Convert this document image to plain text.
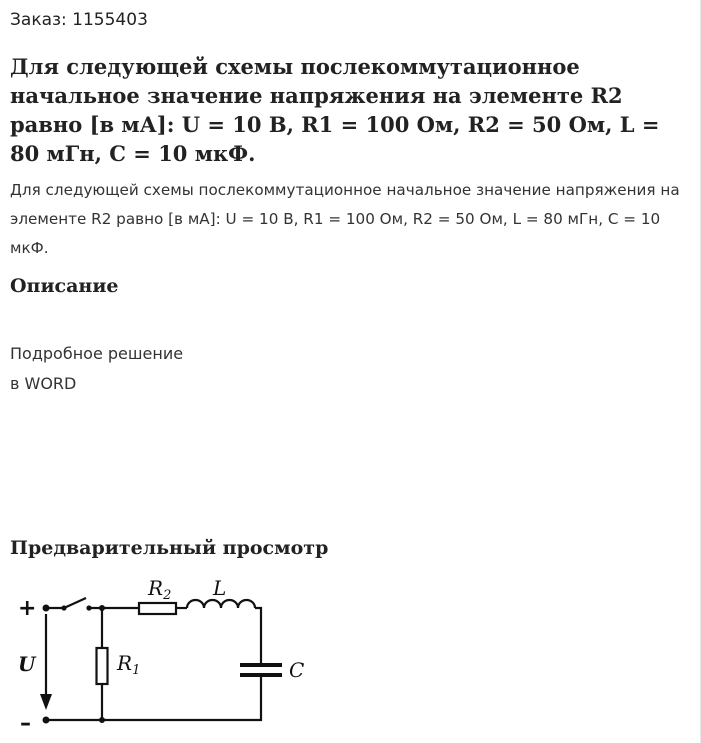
Заказ: 1155403
Для следующей схемы послекоммутационное начальное значение напряжения на элементе R2 равно [в мА]: U = 10 В, R1 = 100 Ом, R2 = 50 Ом, L = 80 мГн, C = 10 мкФ.

Для следующей схемы послекоммутационное начальное значение напряжения на элементе R2 равно [в мА]: U = 10 В, R1 = 100 Ом, R2 = 50 Ом, L = 80 мГн, C = 10 мкФ.

Описание
Подробное решение
в WORD
Предварительный просмотр
+
–
U
$R_2$ L
$R_1$	C
